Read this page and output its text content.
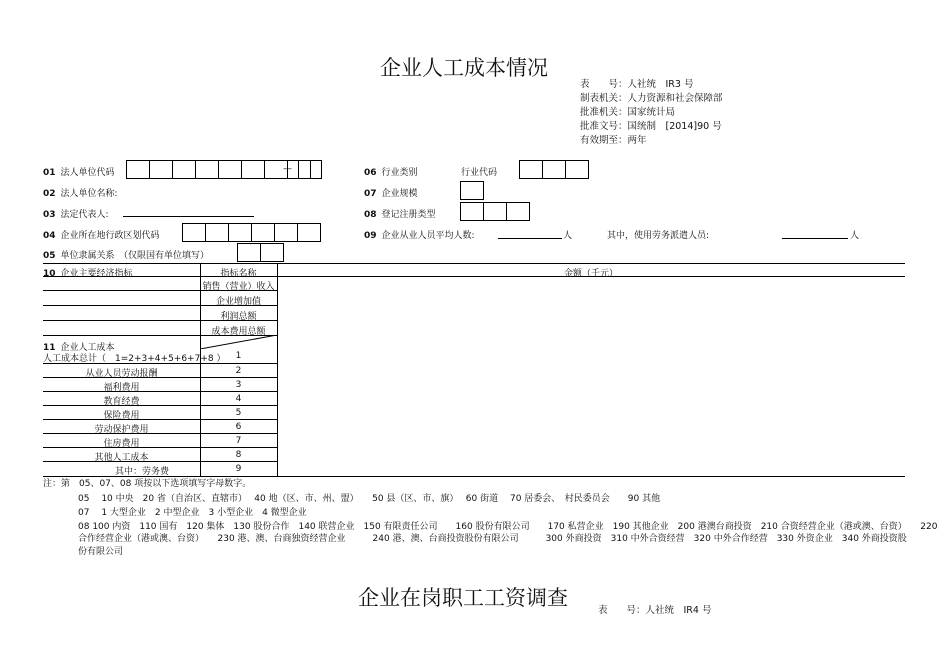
企业人工成本情况
表　　号：人社统　IR3 号
制表机关：人力资源和社会保障部
批准机关：国家统计局
批准文号：国统制　[2014]90 号
有效期至：两年
01 法人单位代码	—
02 法人单位名称:
03 法定代表人:
04 企业所在地行政区划代码
05 单位隶属关系　（仅限国有单位填写）
06 行业类别	行业代码
07 企业规模
08 登记注册类型
09 企业从业人员平均人数:	人	其中，使用劳务派遣人员:	人
10 企业主要经济指标	指标名称	金额（千元）
销售（营业）收入
企业增加值
利润总额
成本费用总额
11 企业人工成本
人工成本总计（　1=2+3+4+5+6+7+8 ）	1
从业人员劳动报酬	2
福利费用	3
教育经费	4
保险费用	5
劳动保护费用	6
住房费用	7
其他人工成本	8
其中：劳务费	9
注：第　05、07、08 项按以下选项填写字母数字。
05　 10 中央　20 省（自治区、直辖市）　 40 地（区、市、州、盟）　　50 县（区、市、旗）　 60 街道　 70 居委会、　村民委员会　　90 其他
07　 1 大型企业　2 中型企业　3 小型企业　4 微型企业
08 100 内资　110 国有　120 集体　130 股份合作　140 联营企业　150 有限责任公司　　160 股份有限公司　　170 私营企业　190 其他企业　200 港澳台商投资　210 合资经营企业（港或澳、台资）　　220
合作经营企业（港或澳、台资）　　230 港、澳、台商独资经营企业　　　240 港、澳、台商投资股份有限公司　　　300 外商投资　310 中外合资经营　320 中外合作经营　330 外资企业　340 外商投资股
份有限公司
企业在岗职工工资调查
表　　号：人社统　IR4 号
